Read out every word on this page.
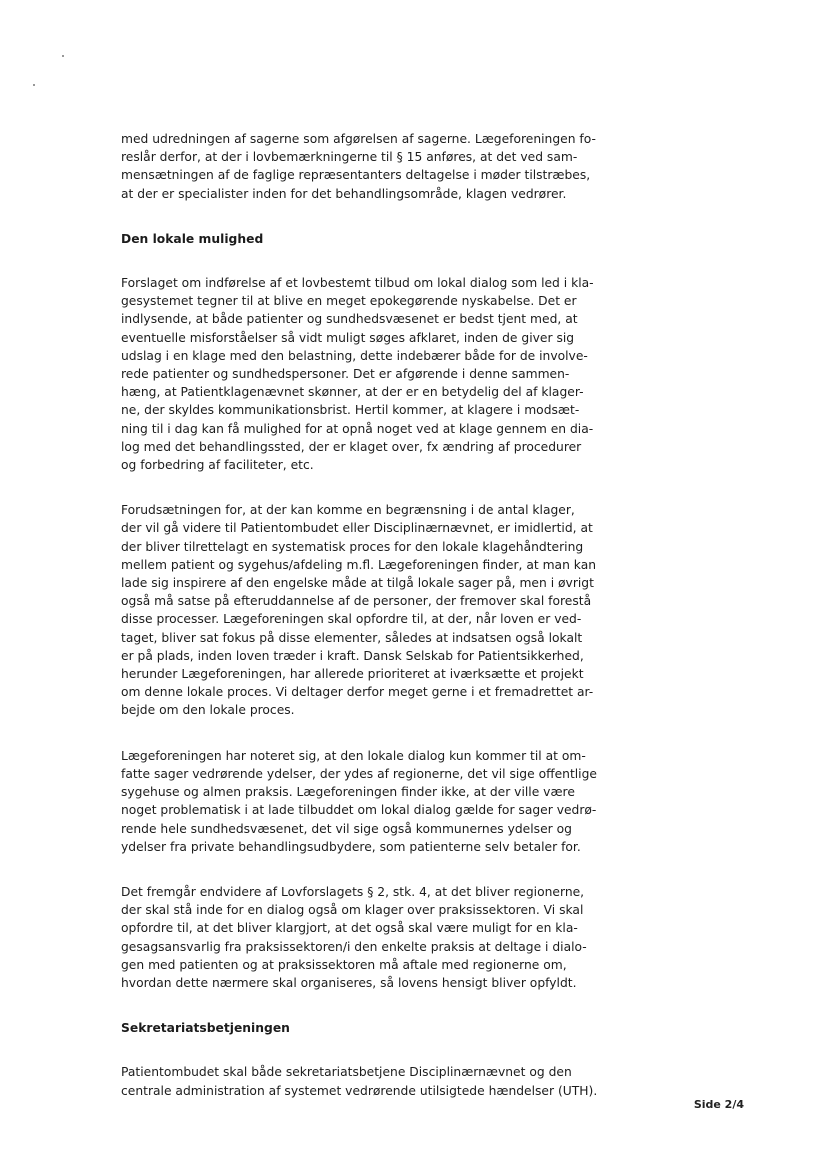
med udredningen af sagerne som afgørelsen af sagerne. Lægeforeningen fo-
reslår derfor, at der i lovbemærkningerne til § 15 anføres, at det ved sam-
mensætningen af de faglige repræsentanters deltagelse i møder tilstræbes,
at der er specialister inden for det behandlingsområde, klagen vedrører.
Den lokale mulighed
Forslaget om indførelse af et lovbestemt tilbud om lokal dialog som led i kla-
gesystemet tegner til at blive en meget epokegørende nyskabelse. Det er
indlysende, at både patienter og sundhedsvæsenet er bedst tjent med, at
eventuelle misforståelser så vidt muligt søges afklaret, inden de giver sig
udslag i en klage med den belastning, dette indebærer både for de involve-
rede patienter og sundhedspersoner. Det er afgørende i denne sammen-
hæng, at Patientklagenævnet skønner, at der er en betydelig del af klager-
ne, der skyldes kommunikationsbrist. Hertil kommer, at klagere i modsæt-
ning til i dag kan få mulighed for at opnå noget ved at klage gennem en dia-
log med det behandlingssted, der er klaget over, fx ændring af procedurer
og forbedring af faciliteter, etc.
Forudsætningen for, at der kan komme en begrænsning i de antal klager,
der vil gå videre til Patientombudet eller Disciplinærnævnet, er imidlertid, at
der bliver tilrettelagt en systematisk proces for den lokale klagehåndtering
mellem patient og sygehus/afdeling m.fl. Lægeforeningen finder, at man kan
lade sig inspirere af den engelske måde at tilgå lokale sager på, men i øvrigt
også må satse på efteruddannelse af de personer, der fremover skal forestå
disse processer. Lægeforeningen skal opfordre til, at der, når loven er ved-
taget, bliver sat fokus på disse elementer, således at indsatsen også lokalt
er på plads, inden loven træder i kraft. Dansk Selskab for Patientsikkerhed,
herunder Lægeforeningen, har allerede prioriteret at iværksætte et projekt
om denne lokale proces. Vi deltager derfor meget gerne i et fremadrettet ar-
bejde om den lokale proces.
Lægeforeningen har noteret sig, at den lokale dialog kun kommer til at om-
fatte sager vedrørende ydelser, der ydes af regionerne, det vil sige offentlige
sygehuse og almen praksis. Lægeforeningen finder ikke, at der ville være
noget problematisk i at lade tilbuddet om lokal dialog gælde for sager vedrø-
rende hele sundhedsvæsenet, det vil sige også kommunernes ydelser og
ydelser fra private behandlingsudbydere, som patienterne selv betaler for.
Det fremgår endvidere af Lovforslagets § 2, stk. 4, at det bliver regionerne,
der skal stå inde for en dialog også om klager over praksissektoren. Vi skal
opfordre til, at det bliver klargjort, at det også skal være muligt for en kla-
gesagsansvarlig fra praksissektoren/i den enkelte praksis at deltage i dialo-
gen med patienten og at praksissektoren må aftale med regionerne om,
hvordan dette nærmere skal organiseres, så lovens hensigt bliver opfyldt.
Sekretariatsbetjeningen
Patientombudet skal både sekretariatsbetjene Disciplinærnævnet og den
centrale administration af systemet vedrørende utilsigtede hændelser (UTH).
Side 2/4
